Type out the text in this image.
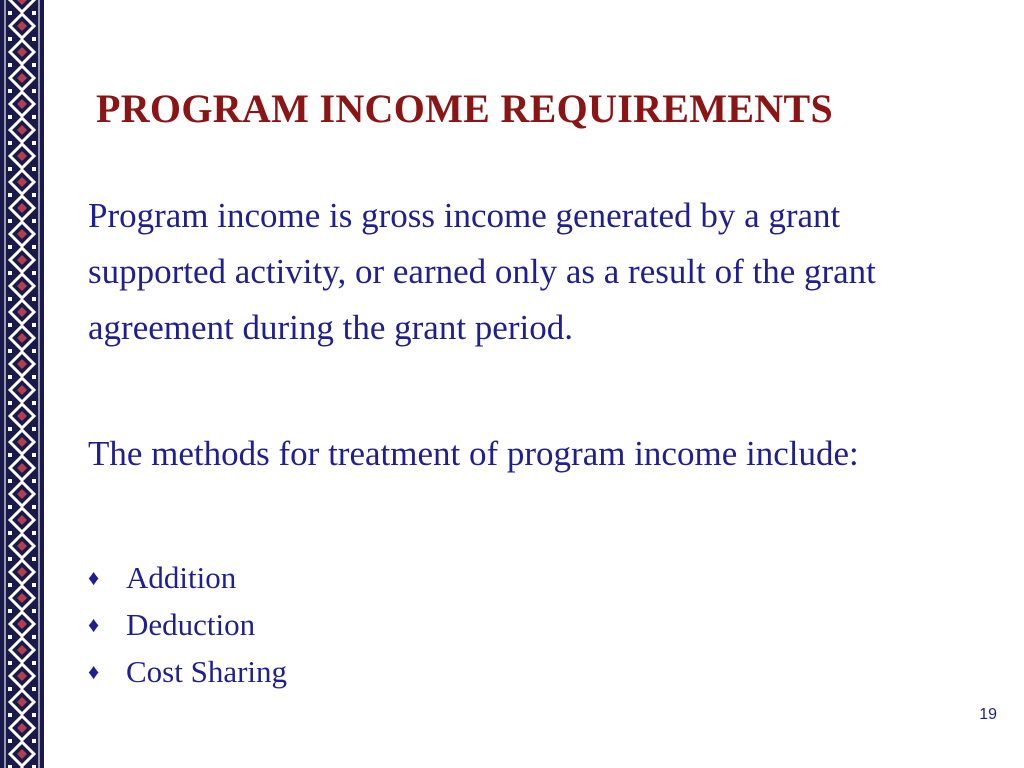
PROGRAM INCOME REQUIREMENTS

Program income is gross income generated by a grant supported activity, or earned only as a result of the grant agreement during the grant period.

The methods for treatment of program income include:

♦ Addition
♦ Deduction
♦ Cost Sharing
19
